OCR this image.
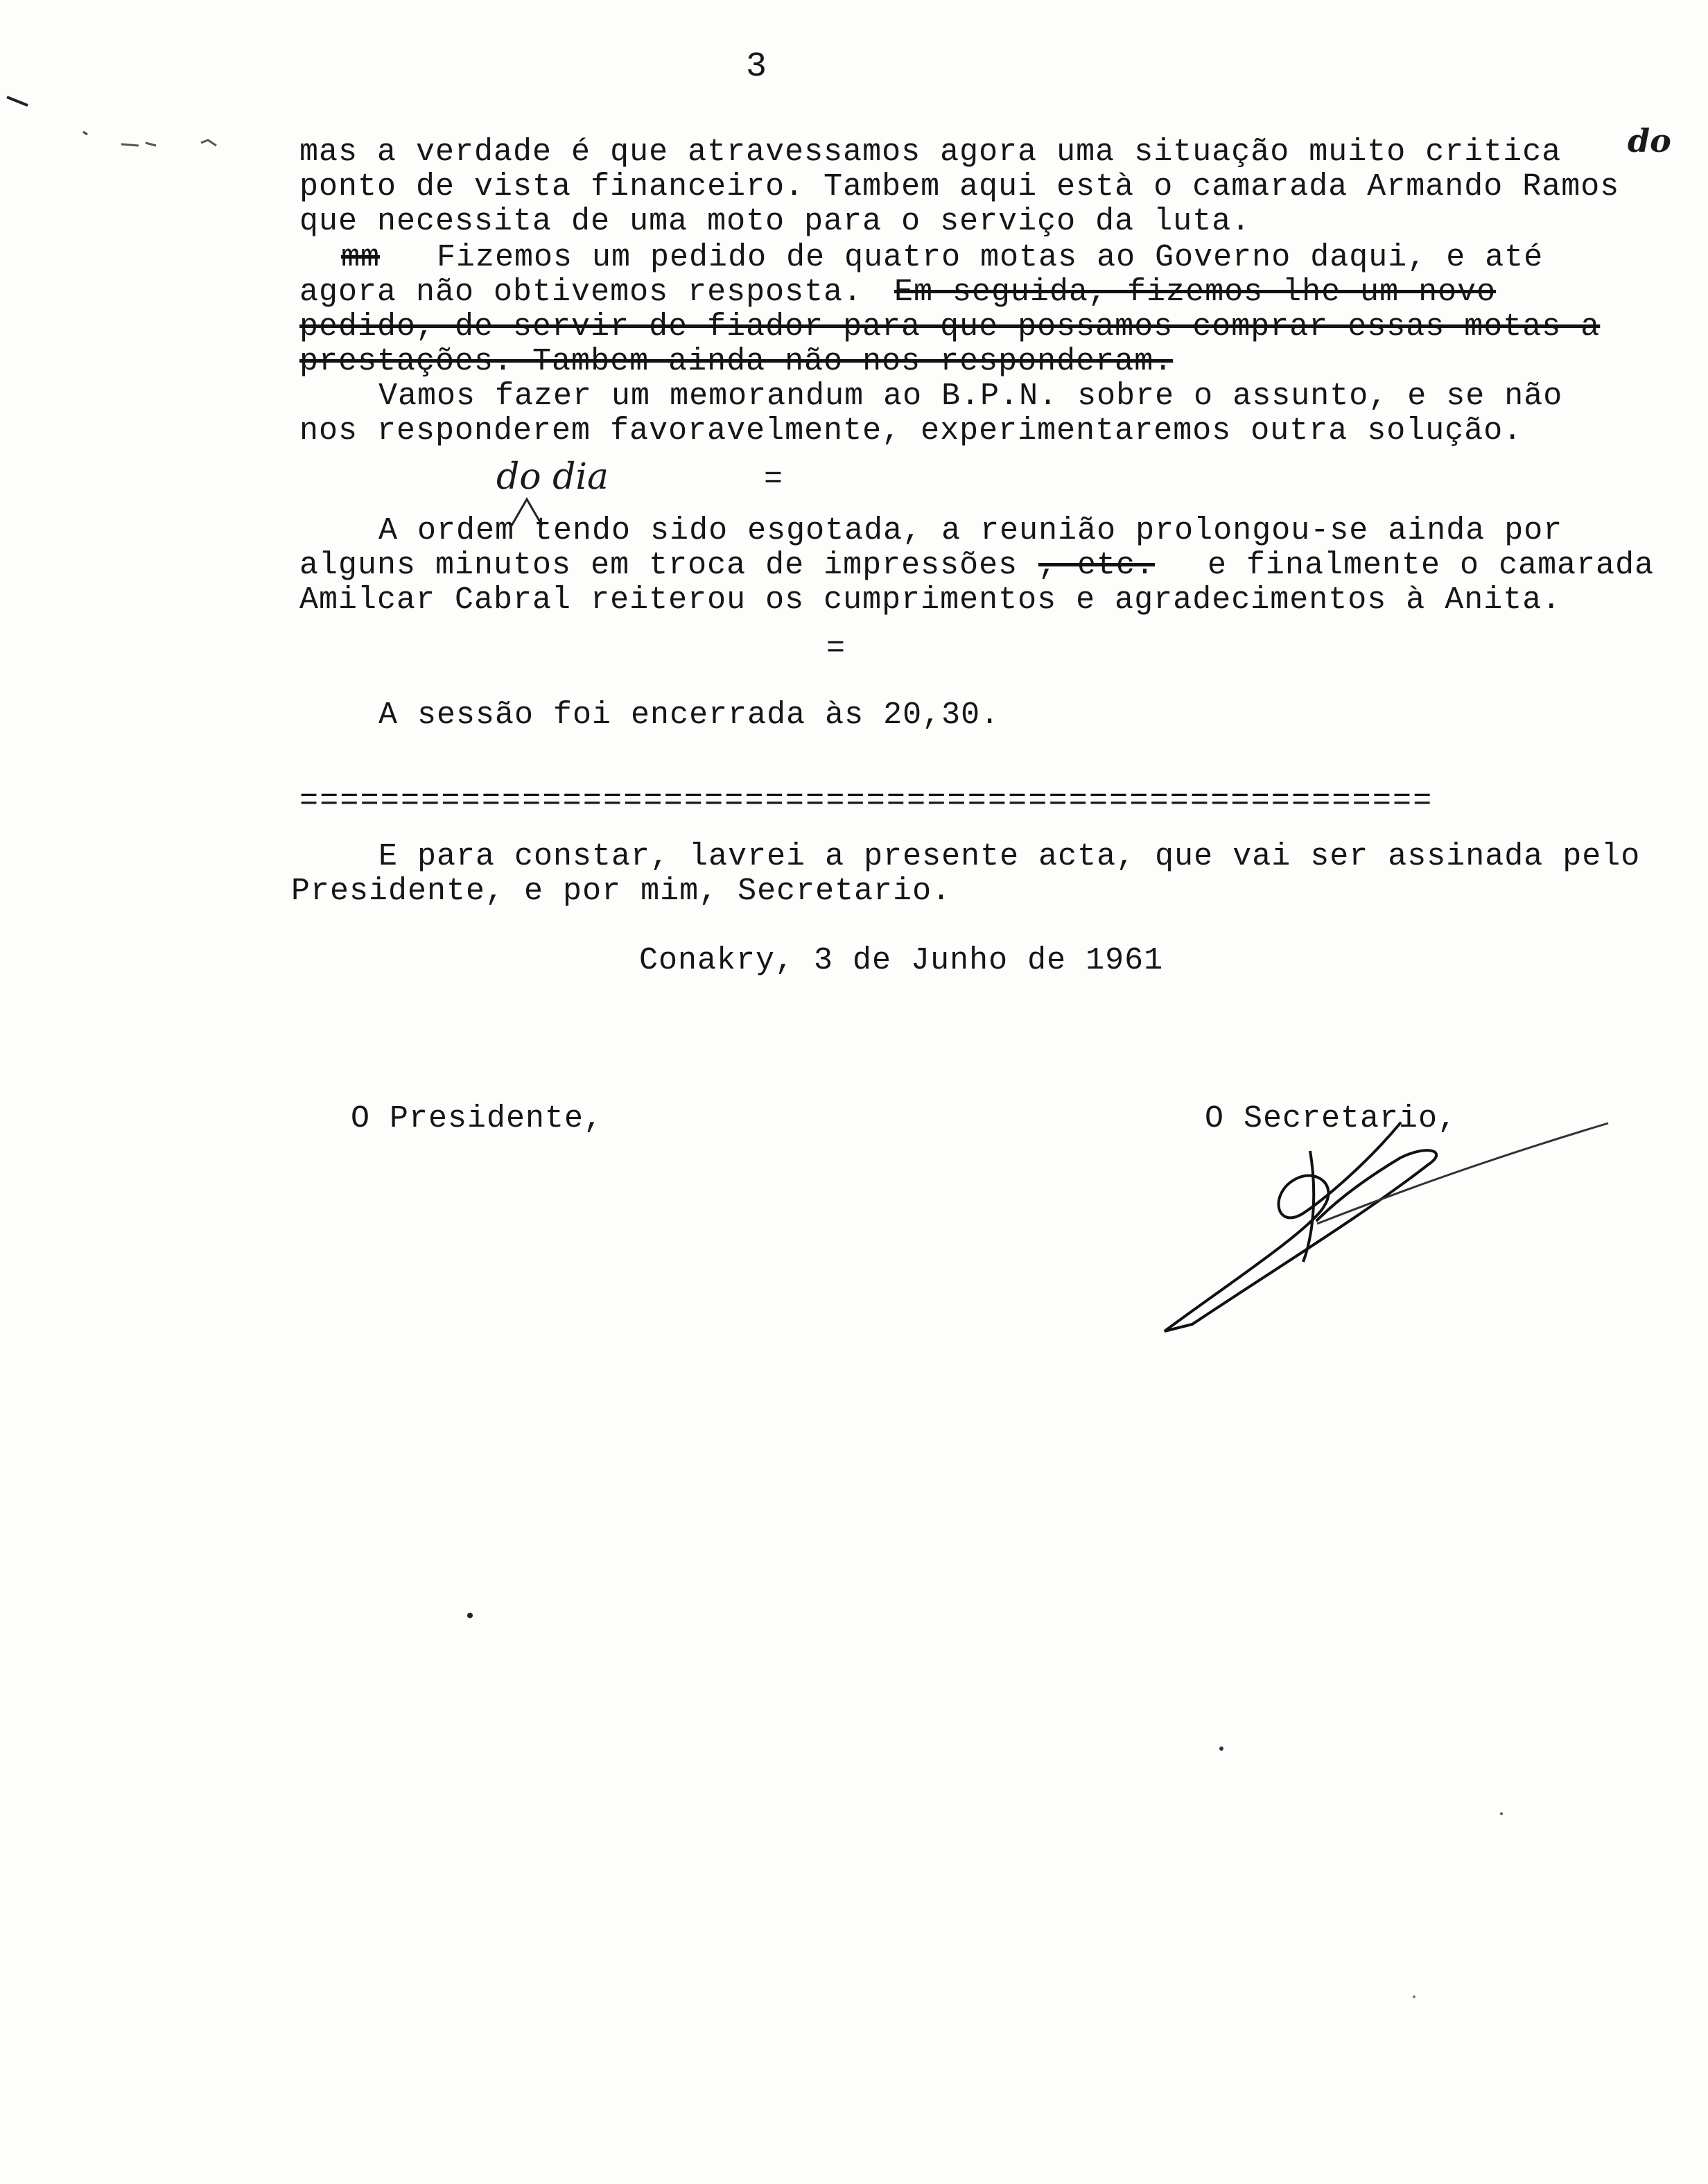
3
mas a verdade é que atravessamos agora uma situação muito critica do
ponto de vista financeiro. Tambem aqui està o camarada Armando Ramos
que necessita de uma moto para o serviço da luta.
mm Fizemos um pedido de quatro motas ao Governo daqui, e até
agora não obtivemos resposta. Em seguida, fizemos-lhe um novo
pedido, de servir de fiador para que possamos comprar essas motas a
prestações. Tambem ainda não nos responderam.
Vamos fazer um memorandum ao B.P.N. sobre o assunto, e se não
nos responderem favoravelmente, experimentaremos outra solução.
do dia	=
A ordem tendo sido esgotada, a reunião prolongou-se ainda por
alguns minutos em troca de impressões , etc. e finalmente o camarada
Amilcar Cabral reiterou os cumprimentos e agradecimentos à Anita.
=
A sessão foi encerrada às 20,30.
========================================================
E para constar, lavrei a presente acta, que vai ser assinada pelo
Presidente, e por mim, Secretario.
Conakry, 3 de Junho de 1961
O Presidente,	O Secretario,
